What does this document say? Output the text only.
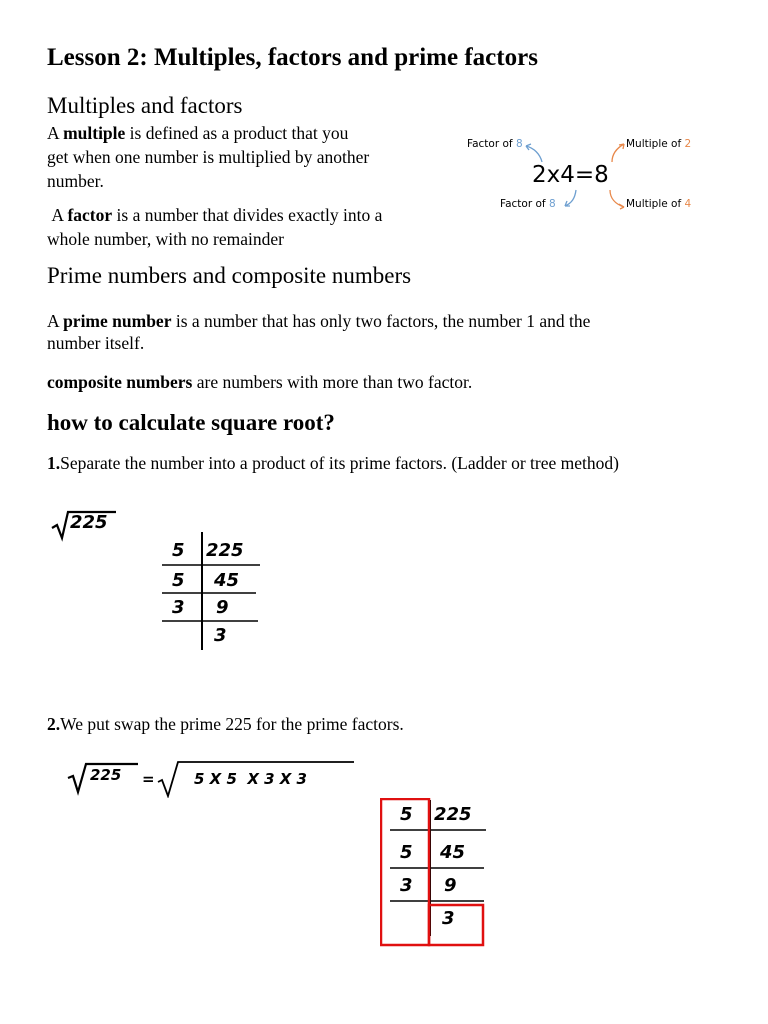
Lesson 2: Multiples, factors and prime factors
Multiples and factors
A multiple is defined as a product that you
get when one number is multiplied by another
number.
A factor is a number that divides exactly into a
whole number, with no remainder
Factor of 8
Factor of 8
Multiple of 2
Multiple of 4
2x4=8
Prime numbers and composite numbers
A prime number is a number that has only two factors, the number 1 and the
number itself.
composite numbers are numbers with more than two factor.
how to calculate square root?
1.Separate the number into a product of its prime factors. (Ladder or tree method)
225
5 225
5 45
3 9
3
2.We put swap the prime 225 for the prime factors.
225 =	5 X 5  X 3 X 3
5 225
5 45
3 9
3
